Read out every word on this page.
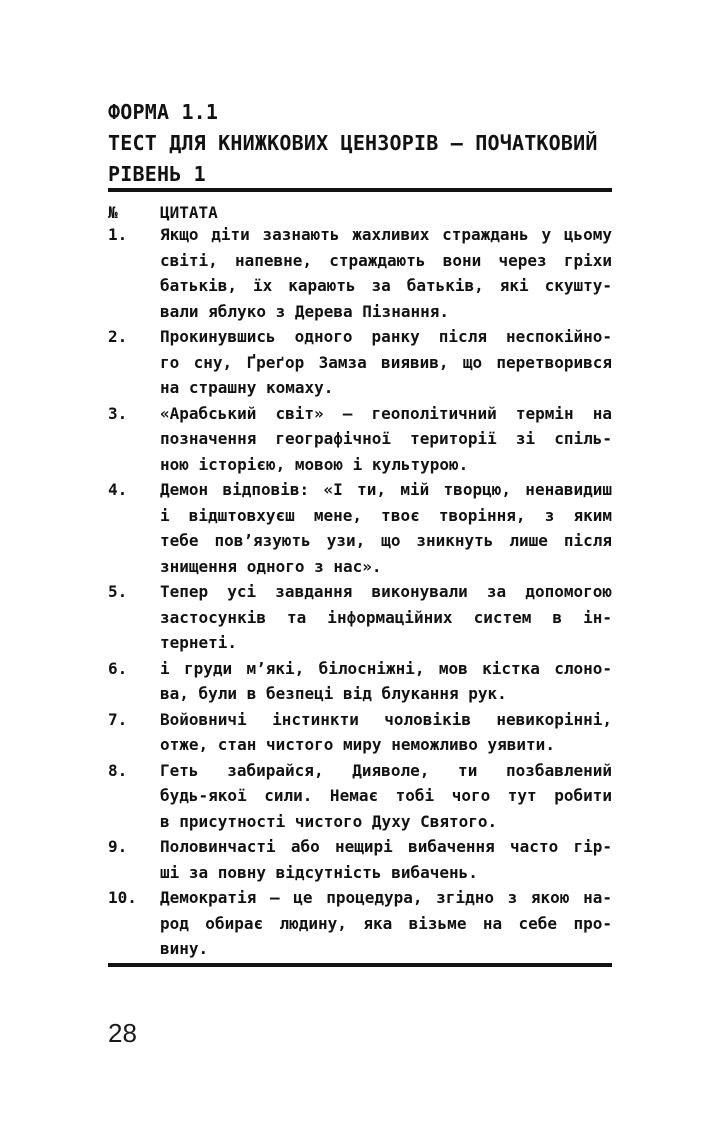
ФОРМА 1.1
ТЕСТ ДЛЯ КНИЖКОВИХ ЦЕНЗОРІВ — ПОЧАТКОВИЙ
РІВЕНЬ 1
№	ЦИТАТА
1.	Якщо діти зазнають жахливих страждань у цьому
світі, напевне, страждають вони через гріхи
батьків, їх карають за батьків, які скушту-
вали яблуко з Дерева Пізнання.
2.	Прокинувшись одного ранку після неспокійно-
го сну, Ґреґор Замза виявив, що перетворився
на страшну комаху.
3.	«Арабський світ» — геополітичний термін на
позначення географічної території зі спіль-
ною історією, мовою і культурою.
4.	Демон відповів: «І ти, мій творцю, ненавидиш
і відштовхуєш мене, твоє творіння, з яким
тебе пов’язують узи, що зникнуть лише після
знищення одного з нас».
5.	Тепер усі завдання виконували за допомогою
застосунків та інформаційних систем в ін-
тернеті.
6.	і груди м’які, білосніжні, мов кістка слоно-
ва, були в безпеці від блукання рук.
7.	Войовничі інстинкти чоловіків невикорінні,
отже, стан чистого миру неможливо уявити.
8.	Геть забирайся, Дияволе, ти позбавлений
будь-якої сили. Немає тобі чого тут робити
в присутності чистого Духу Святого.
9.	Половинчасті або нещирі вибачення часто гір-
ші за повну відсутність вибачень.
10.	Демократія — це процедура, згідно з якою на-
род обирає людину, яка візьме на себе про-
вину.
28
